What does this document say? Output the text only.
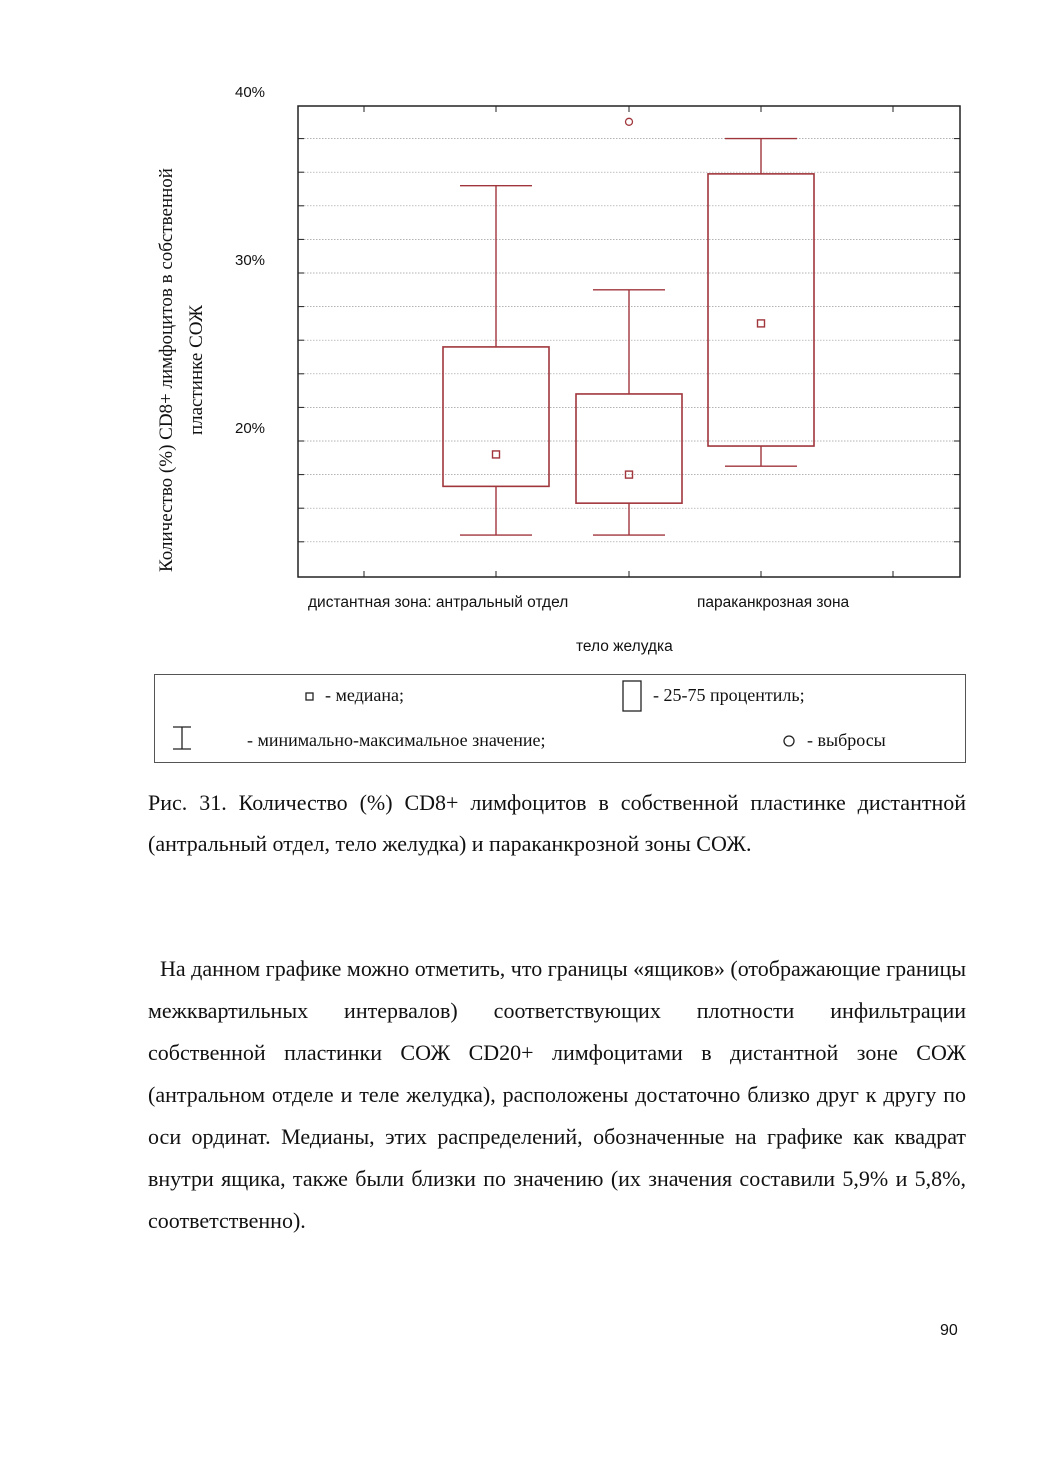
40%
30%
20%
дистантная зона: антральный отдел	параканкрозная зона
тело желудка
Количество (%) CD8+ лимфоцитов в собственной пластинке СОЖ
- медиана;	- 25-75 процентиль;
- минимально-максимальное значение;	- выбросы
Рис. 31. Количество (%) CD8+ лимфоцитов в собственной пластинке дистантной (антральный отдел, тело желудка) и параканкрозной зоны СОЖ.
На данном графике можно отметить, что границы «ящиков» (отображающие границы межквартильных интервалов) соответствующих плотности инфильтрации собственной пластинки СОЖ CD20+ лимфоцитами в дистантной зоне СОЖ (антральном отделе и теле желудка), расположены достаточно близко друг к другу по оси ординат. Медианы, этих распределений, обозначенные на графике как квадрат внутри ящика, также были близки по значению (их значения составили 5,9% и 5,8%, соответственно).
90
